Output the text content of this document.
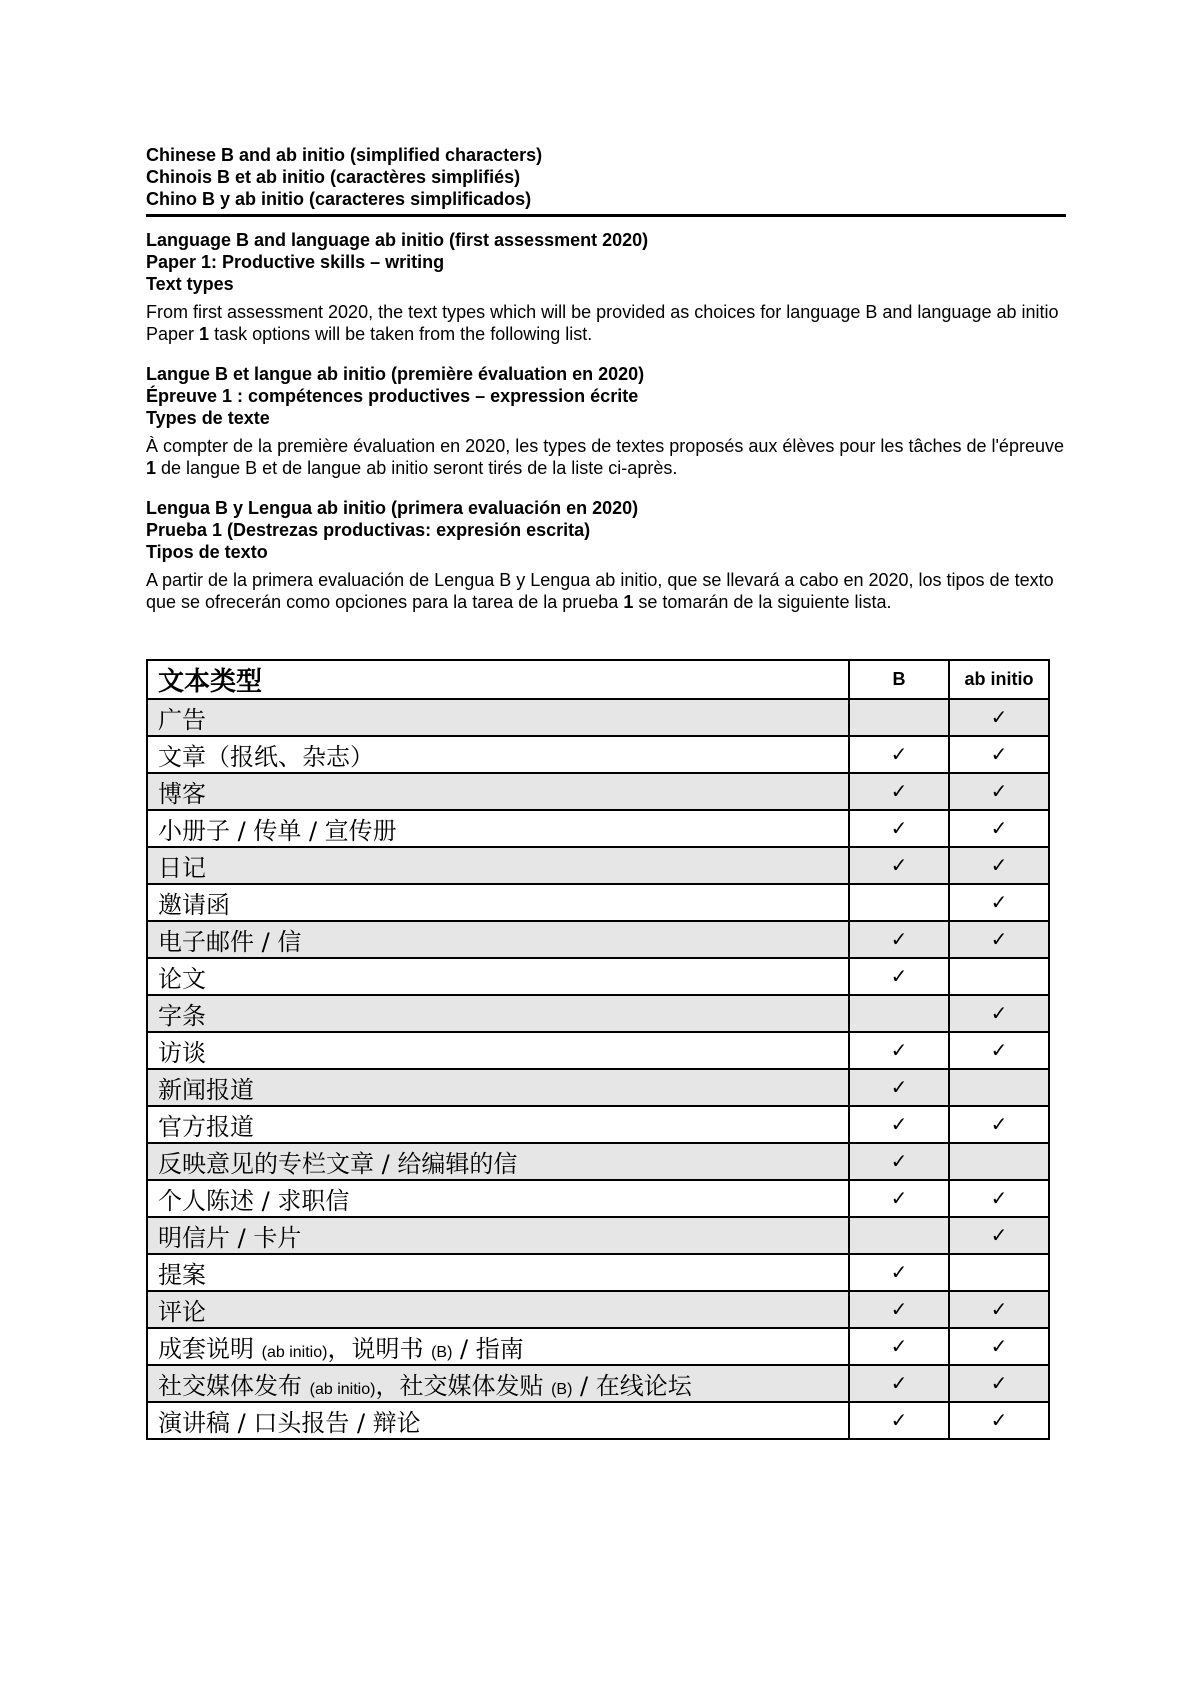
Chinese B and ab initio (simplified characters)
Chinois B et ab initio (caractères simplifiés)
Chino B y ab initio (caracteres simplificados)
Language B and language ab initio (first assessment 2020)
Paper 1: Productive skills – writing
Text types
From first assessment 2020, the text types which will be provided as choices for language B and language ab initio Paper 1 task options will be taken from the following list.
Langue B et langue ab initio (première évaluation en 2020)
Épreuve 1 : compétences productives – expression écrite
Types de texte
À compter de la première évaluation en 2020, les types de textes proposés aux élèves pour les tâches de l'épreuve 1 de langue B et de langue ab initio seront tirés de la liste ci-après.
Lengua B y Lengua ab initio (primera evaluación en 2020)
Prueba 1 (Destrezas productivas: expresión escrita)
Tipos de texto
A partir de la primera evaluación de Lengua B y Lengua ab initio, que se llevará a cabo en 2020, los tipos de texto que se ofrecerán como opciones para la tarea de la prueba 1 se tomarán de la siguiente lista.
文本类型	B	ab initio
广告		✓
文章（报纸、杂志）	✓	✓
博客	✓	✓
小册子 / 传单 / 宣传册	✓	✓
日记	✓	✓
邀请函		✓
电子邮件 / 信	✓	✓
论文	✓	
字条		✓
访谈	✓	✓
新闻报道	✓	
官方报道	✓	✓
反映意见的专栏文章 / 给编辑的信	✓	
个人陈述 / 求职信	✓	✓
明信片 / 卡片		✓
提案	✓	
评论	✓	✓
成套说明 (ab initio)，说明书 (B) / 指南	✓	✓
社交媒体发布 (ab initio)，社交媒体发贴 (B) / 在线论坛	✓	✓
演讲稿 / 口头报告 / 辩论	✓	✓
